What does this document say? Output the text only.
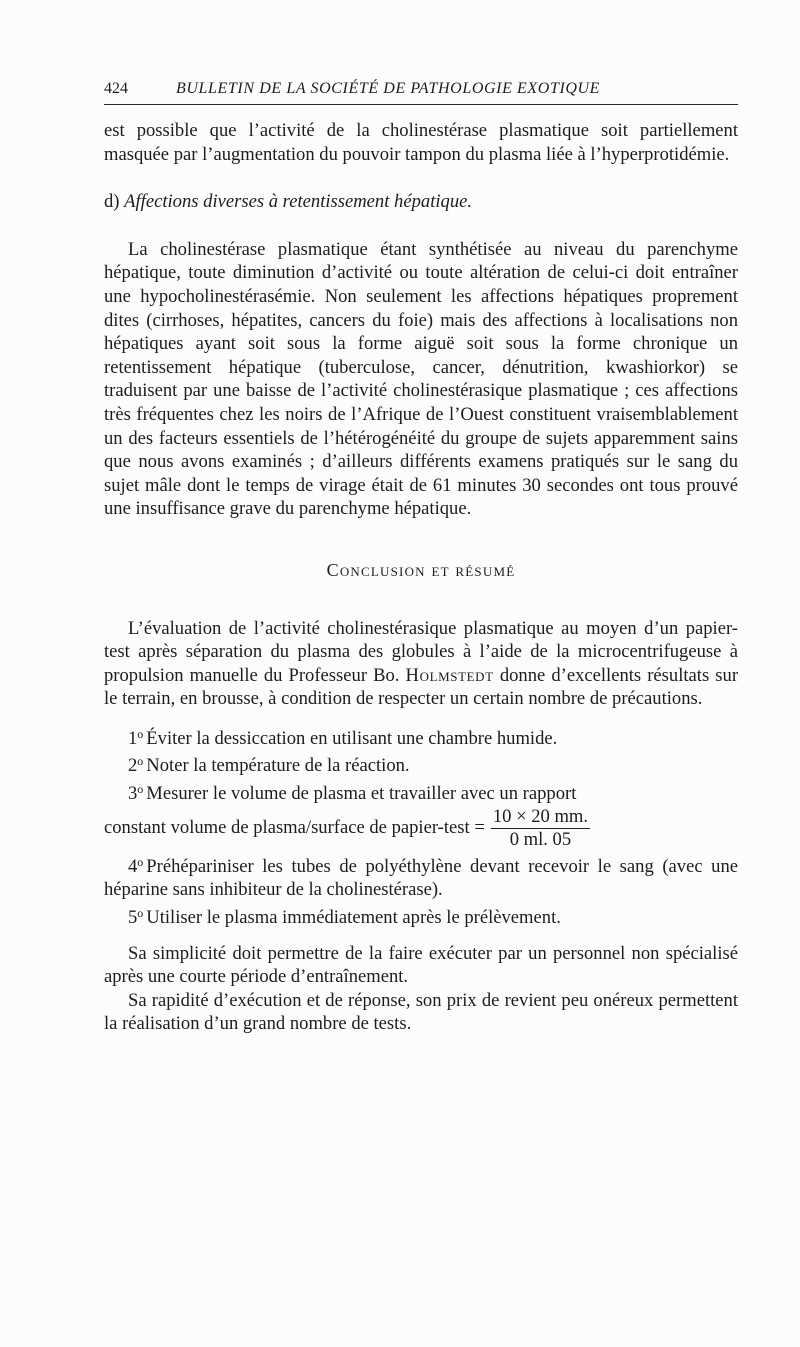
424	BULLETIN DE LA SOCIÉTÉ DE PATHOLOGIE EXOTIQUE

est possible que l’activité de la cholinestérase plasmatique soit partiellement masquée par l’augmentation du pouvoir tampon du plasma liée à l’hyperprotidémie.

d) Affections diverses à retentissement hépatique.

La cholinestérase plasmatique étant synthétisée au niveau du parenchyme hépatique, toute diminution d’activité ou toute altération de celui-ci doit entraîner une hypocholinestérasémie. Non seulement les affections hépatiques proprement dites (cirrhoses, hépatites, cancers du foie) mais des affections à localisations non hépatiques ayant soit sous la forme aiguë soit sous la forme chronique un retentissement hépatique (tuberculose, cancer, dénutrition, kwashiorkor) se traduisent par une baisse de l’activité cholinestérasique plasmatique ; ces affections très fréquentes chez les noirs de l’Afrique de l’Ouest constituent vraisemblablement un des facteurs essentiels de l’hétérogénéité du groupe de sujets apparemment sains que nous avons examinés ; d’ailleurs différents examens pratiqués sur le sang du sujet mâle dont le temps de virage était de 61 minutes 30 secondes ont tous prouvé une insuffisance grave du parenchyme hépatique.

Conclusion et résumé

L’évaluation de l’activité cholinestérasique plasmatique au moyen d’un papier-test après séparation du plasma des globules à l’aide de la microcentrifugeuse à propulsion manuelle du Professeur Bo. Holmstedt donne d’excellents résultats sur le terrain, en brousse, à condition de respecter un certain nombre de précautions.

1$^o$ Éviter la dessiccation en utilisant une chambre humide.

2$^o$ Noter la température de la réaction.

3$^o$ Mesurer le volume de plasma et travailler avec un rapport

constant volume de plasma/surface de papier-test = $\frac{10 \times 20 mm.}{0 ml. 05}$

4$^o$ Préhépariniser les tubes de polyéthylène devant recevoir le sang (avec une héparine sans inhibiteur de la cholinestérase).

5$^o$ Utiliser le plasma immédiatement après le prélèvement.

Sa simplicité doit permettre de la faire exécuter par un personnel non spécialisé après une courte période d’entraînement.

Sa rapidité d’exécution et de réponse, son prix de revient peu onéreux permettent la réalisation d’un grand nombre de tests.
